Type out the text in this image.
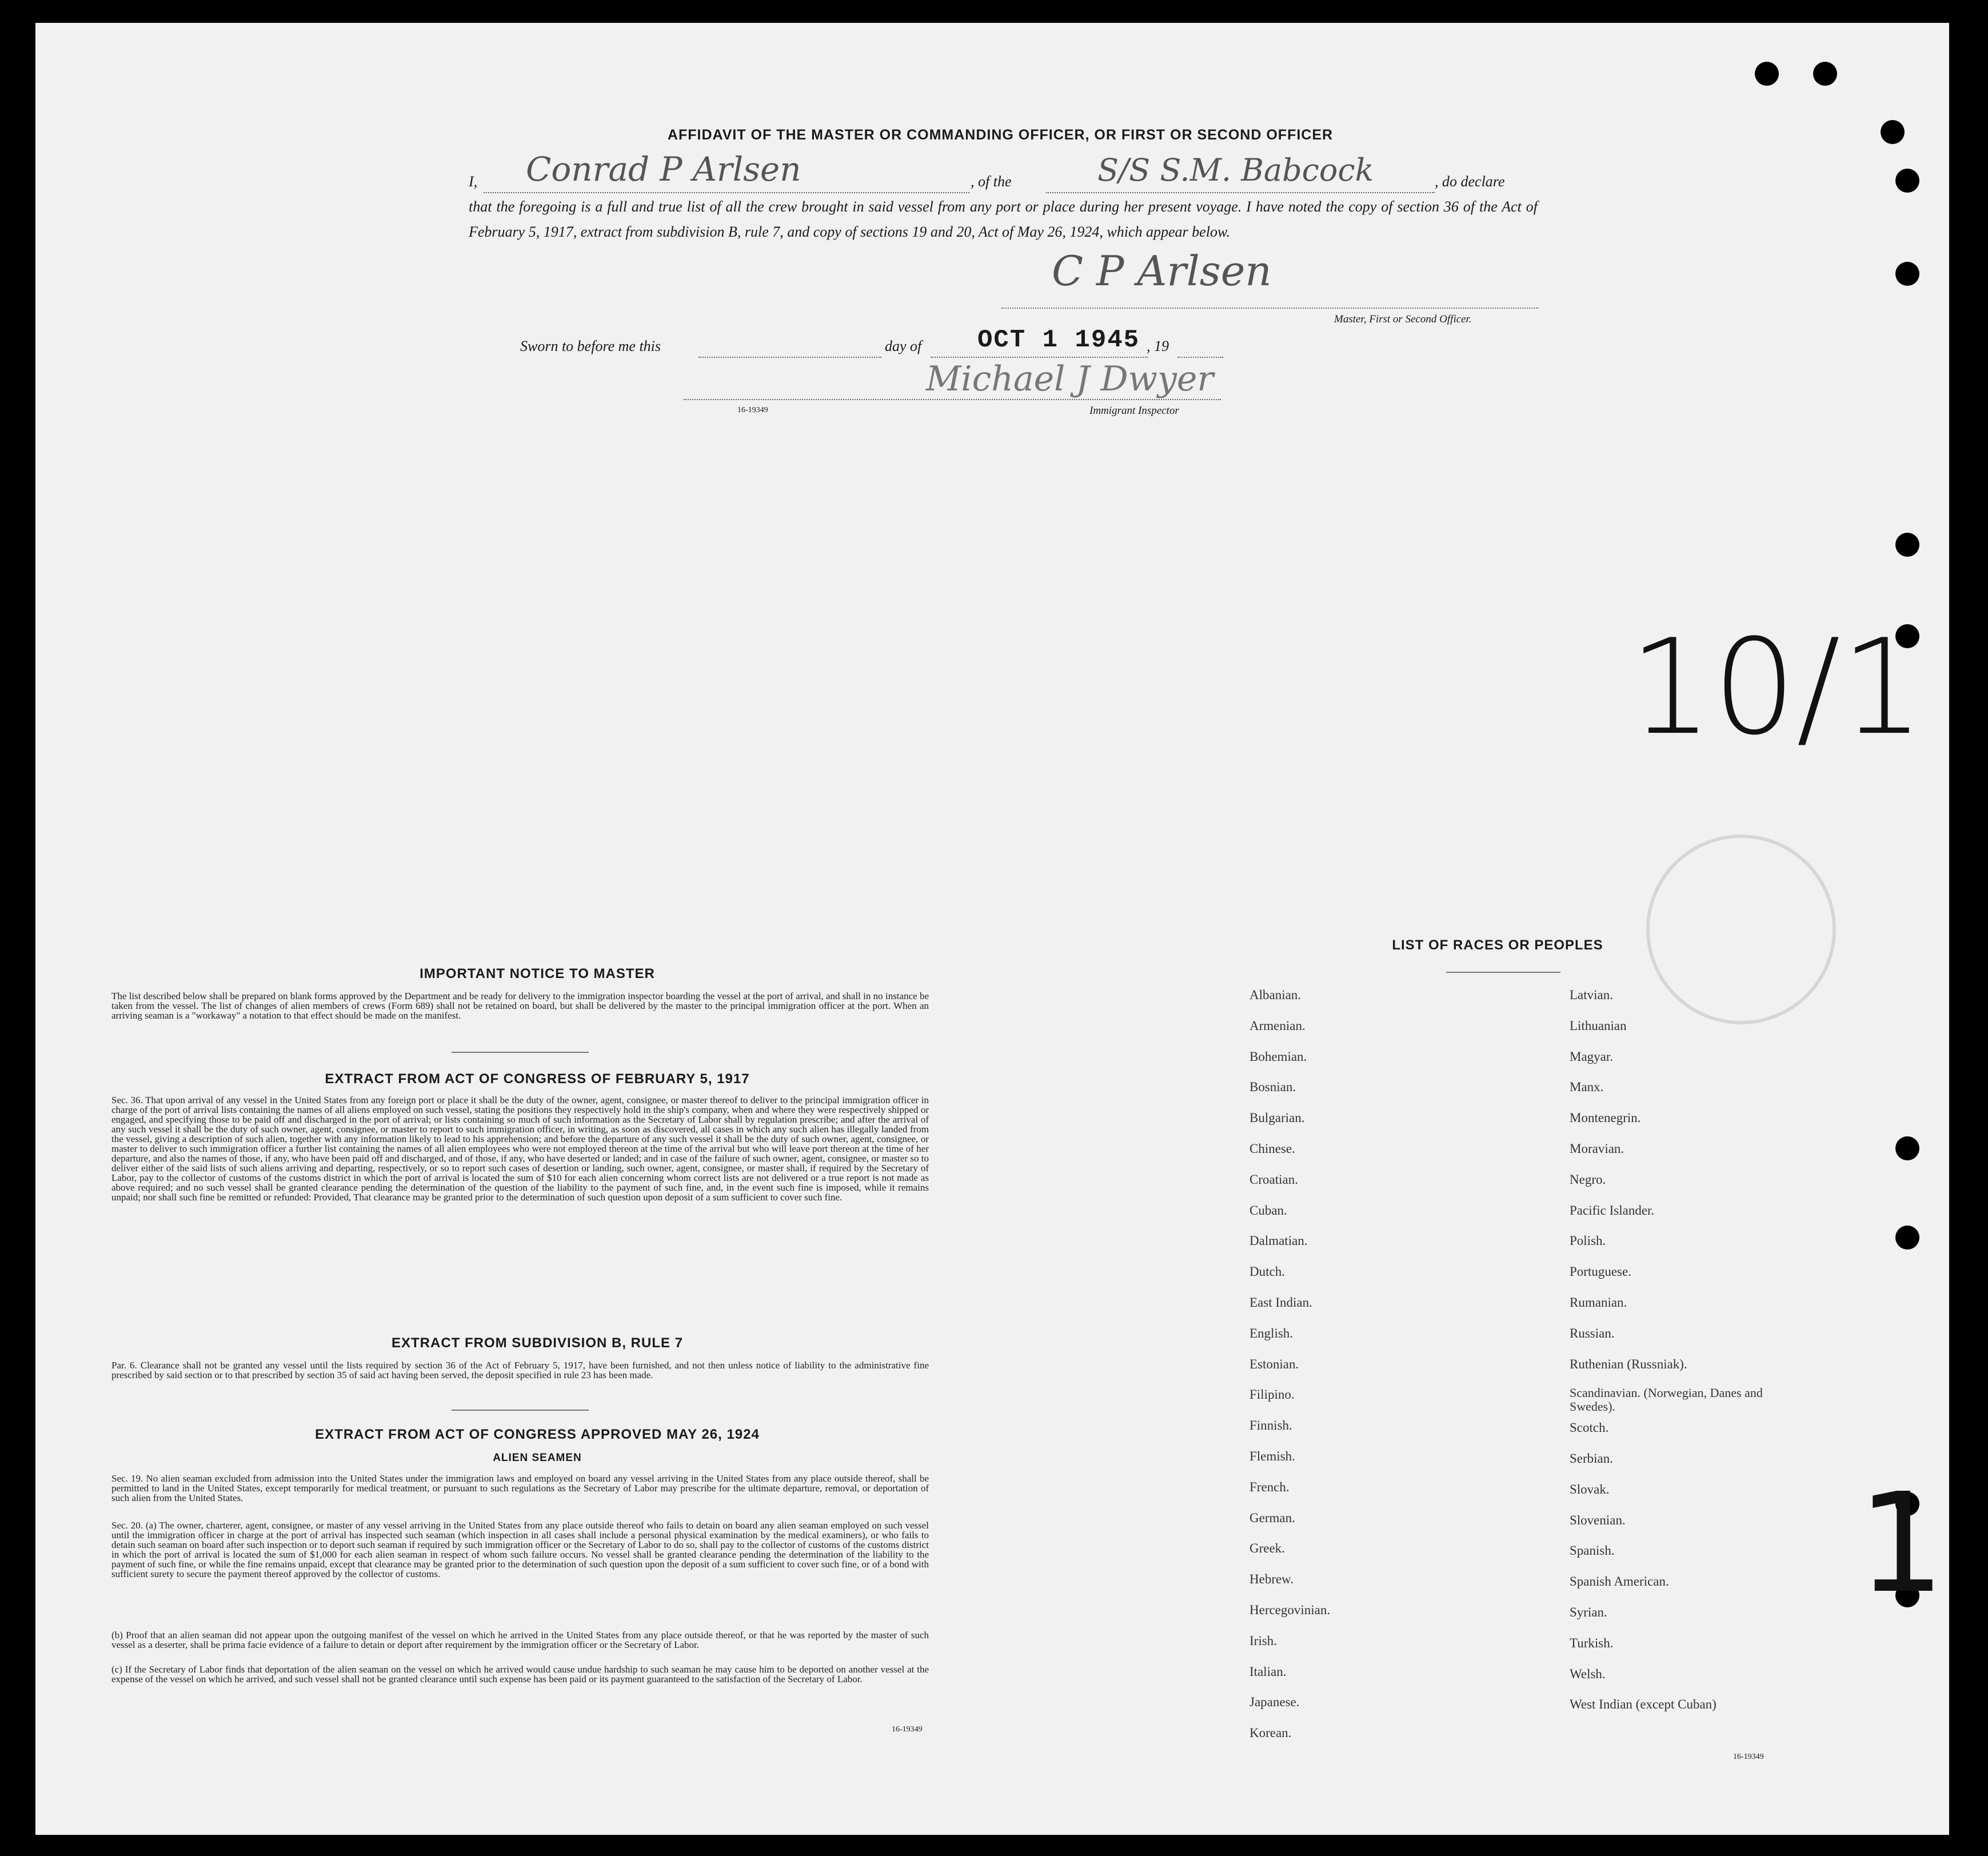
AFFIDAVIT OF THE MASTER OR COMMANDING OFFICER, OR FIRST OR SECOND OFFICER
I, Conrad P Arlsen	, of the	S/S S.M. Babcock	, do declare
that the foregoing is a full and true list of all the crew brought in said vessel from any port or place during her present voyage. I have noted the copy of section 36 of the Act of February 5, 1917, extract from subdivision B, rule 7, and copy of sections 19 and 20, Act of May 26, 1924, which appear below.
C P Arlsen
Master, First or Second Officer.
Sworn to before me this	day of OCT 1 1945 , 19
Michael J Dwyer
16-19349	Immigrant Inspector
10/1
1
IMPORTANT NOTICE TO MASTER
The list described below shall be prepared on blank forms approved by the Department and be ready for delivery to the immigration inspector boarding the vessel at the port of arrival, and shall in no instance be taken from the vessel. The list of changes of alien members of crews (Form 689) shall not be retained on board, but shall be delivered by the master to the principal immigration officer at the port. When an arriving seaman is a "workaway" a notation to that effect should be made on the manifest.
EXTRACT FROM ACT OF CONGRESS OF FEBRUARY 5, 1917
Sec. 36. That upon arrival of any vessel in the United States from any foreign port or place it shall be the duty of the owner, agent, consignee, or master thereof to deliver to the principal immigration officer in charge of the port of arrival lists containing the names of all aliens employed on such vessel, stating the positions they respectively hold in the ship's company, when and where they were respectively shipped or engaged, and specifying those to be paid off and discharged in the port of arrival; or lists containing so much of such information as the Secretary of Labor shall by regulation prescribe; and after the arrival of any such vessel it shall be the duty of such owner, agent, consignee, or master to report to such immigration officer, in writing, as soon as discovered, all cases in which any such alien has illegally landed from the vessel, giving a description of such alien, together with any information likely to lead to his apprehension; and before the departure of any such vessel it shall be the duty of such owner, agent, consignee, or master to deliver to such immigration officer a further list containing the names of all alien employees who were not employed thereon at the time of the arrival but who will leave port thereon at the time of her departure, and also the names of those, if any, who have been paid off and discharged, and of those, if any, who have deserted or landed; and in case of the failure of such owner, agent, consignee, or master so to deliver either of the said lists of such aliens arriving and departing, respectively, or so to report such cases of desertion or landing, such owner, agent, consignee, or master shall, if required by the Secretary of Labor, pay to the collector of customs of the customs district in which the port of arrival is located the sum of $10 for each alien concerning whom correct lists are not delivered or a true report is not made as above required; and no such vessel shall be granted clearance pending the determination of the question of the liability to the payment of such fine, and, in the event such fine is imposed, while it remains unpaid; nor shall such fine be remitted or refunded: Provided, That clearance may be granted prior to the determination of such question upon deposit of a sum sufficient to cover such fine.
EXTRACT FROM SUBDIVISION B, RULE 7
Par. 6. Clearance shall not be granted any vessel until the lists required by section 36 of the Act of February 5, 1917, have been furnished, and not then unless notice of liability to the administrative fine prescribed by said section or to that prescribed by section 35 of said act having been served, the deposit specified in rule 23 has been made.
EXTRACT FROM ACT OF CONGRESS APPROVED MAY 26, 1924
ALIEN SEAMEN
Sec. 19. No alien seaman excluded from admission into the United States under the immigration laws and employed on board any vessel arriving in the United States from any place outside thereof, shall be permitted to land in the United States, except temporarily for medical treatment, or pursuant to such regulations as the Secretary of Labor may prescribe for the ultimate departure, removal, or deportation of such alien from the United States.
Sec. 20. (a) The owner, charterer, agent, consignee, or master of any vessel arriving in the United States from any place outside thereof who fails to detain on board any alien seaman employed on such vessel until the immigration officer in charge at the port of arrival has inspected such seaman (which inspection in all cases shall include a personal physical examination by the medical examiners), or who fails to detain such seaman on board after such inspection or to deport such seaman if required by such immigration officer or the Secretary of Labor to do so, shall pay to the collector of customs of the customs district in which the port of arrival is located the sum of $1,000 for each alien seaman in respect of whom such failure occurs. No vessel shall be granted clearance pending the determination of the liability to the payment of such fine, or while the fine remains unpaid, except that clearance may be granted prior to the determination of such question upon the deposit of a sum sufficient to cover such fine, or of a bond with sufficient surety to secure the payment thereof approved by the collector of customs.
(b) Proof that an alien seaman did not appear upon the outgoing manifest of the vessel on which he arrived in the United States from any place outside thereof, or that he was reported by the master of such vessel as a deserter, shall be prima facie evidence of a failure to detain or deport after requirement by the immigration officer or the Secretary of Labor.
(c) If the Secretary of Labor finds that deportation of the alien seaman on the vessel on which he arrived would cause undue hardship to such seaman he may cause him to be deported on another vessel at the expense of the vessel on which he arrived, and such vessel shall not be granted clearance until such expense has been paid or its payment guaranteed to the satisfaction of the Secretary of Labor.
16-19349
LIST OF RACES OR PEOPLES
Albanian.
Armenian.
Bohemian.
Bosnian.
Bulgarian.
Chinese.
Croatian.
Cuban.
Dalmatian.
Dutch.
East Indian.
English.
Estonian.
Filipino.
Finnish.
Flemish.
French.
German.
Greek.
Hebrew.
Hercegovinian.
Irish.
Italian.
Japanese.
Korean.
Latvian.
Lithuanian
Magyar.
Manx.
Montenegrin.
Moravian.
Negro.
Pacific Islander.
Polish.
Portuguese.
Rumanian.
Russian.
Ruthenian (Russniak).
Scandinavian. (Norwegian, Danes and Swedes).
Scotch.
Serbian.
Slovak.
Slovenian.
Spanish.
Spanish American.
Syrian.
Turkish.
Welsh.
West Indian (except Cuban)
16-19349
